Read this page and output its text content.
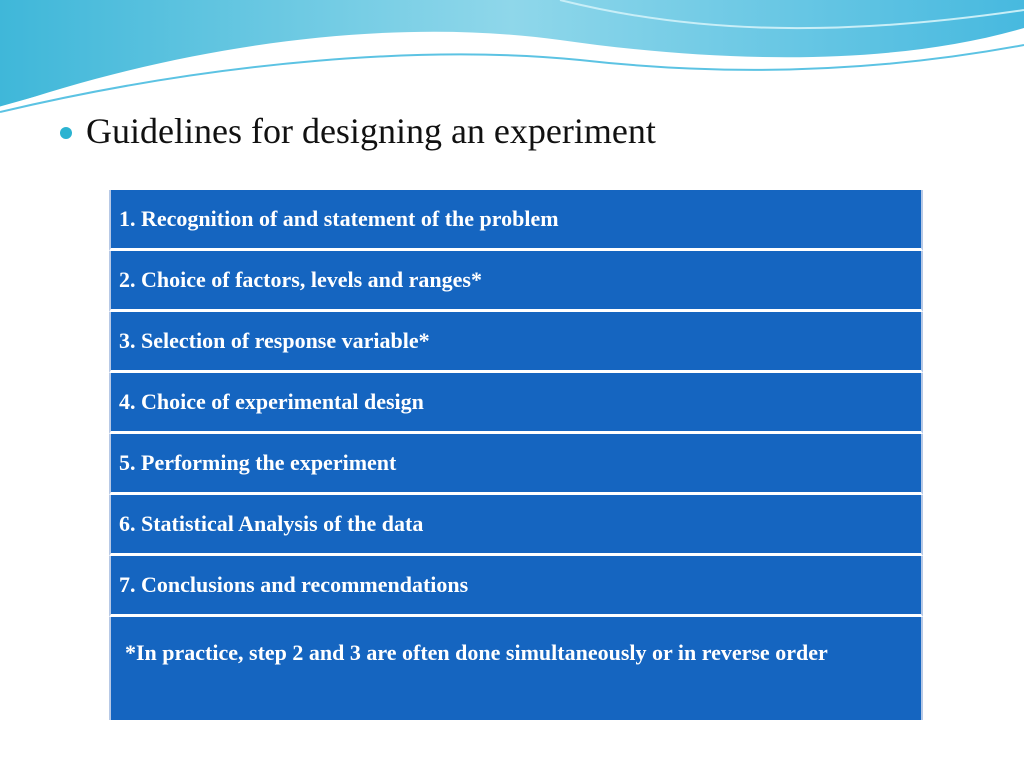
Guidelines for designing an experiment
1. Recognition of and statement of the problem
2. Choice of factors, levels and ranges*
3. Selection of response variable*
4. Choice of experimental design
5. Performing the experiment
6. Statistical Analysis of the data
7. Conclusions and recommendations
*In practice, step 2 and 3 are often done simultaneously or in reverse order
